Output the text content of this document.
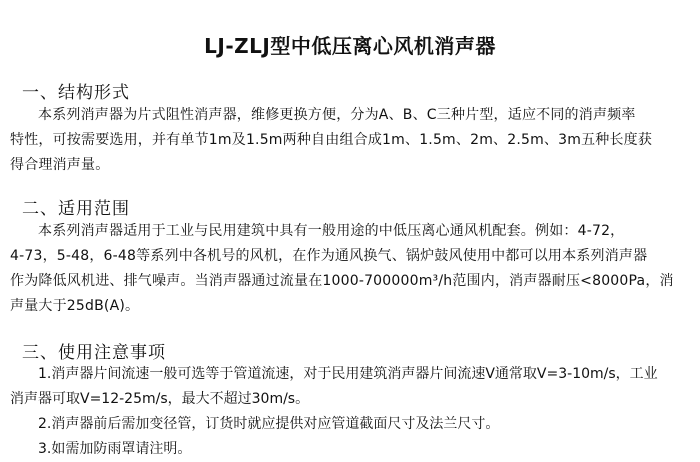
LJ-ZLJ型中低压离心风机消声器
一、结构形式
本系列消声器为片式阻性消声器，维修更换方便，分为A、B、C三种片型，适应不同的消声频率
特性，可按需要选用，并有单节1m及1.5m两种自由组合成1m、1.5m、2m、2.5m、3m五种长度获
得合理消声量。
二、适用范围
本系列消声器适用于工业与民用建筑中具有一般用途的中低压离心通风机配套。例如：4-72，
4-73，5-48，6-48等系列中各机号的风机，在作为通风换气、锅炉鼓风使用中都可以用本系列消声器
作为降低风机进、排气噪声。当消声器通过流量在1000-700000m³/h范围内，消声器耐压<8000Pa，消
声量大于25dB(A)。
三、使用注意事项
1.消声器片间流速一般可选等于管道流速，对于民用建筑消声器片间流速V通常取V=3-10m/s，工业
消声器可取V=12-25m/s，最大不超过30m/s。
2.消声器前后需加变径管，订货时就应提供对应管道截面尺寸及法兰尺寸。
3.如需加防雨罩请注明。
